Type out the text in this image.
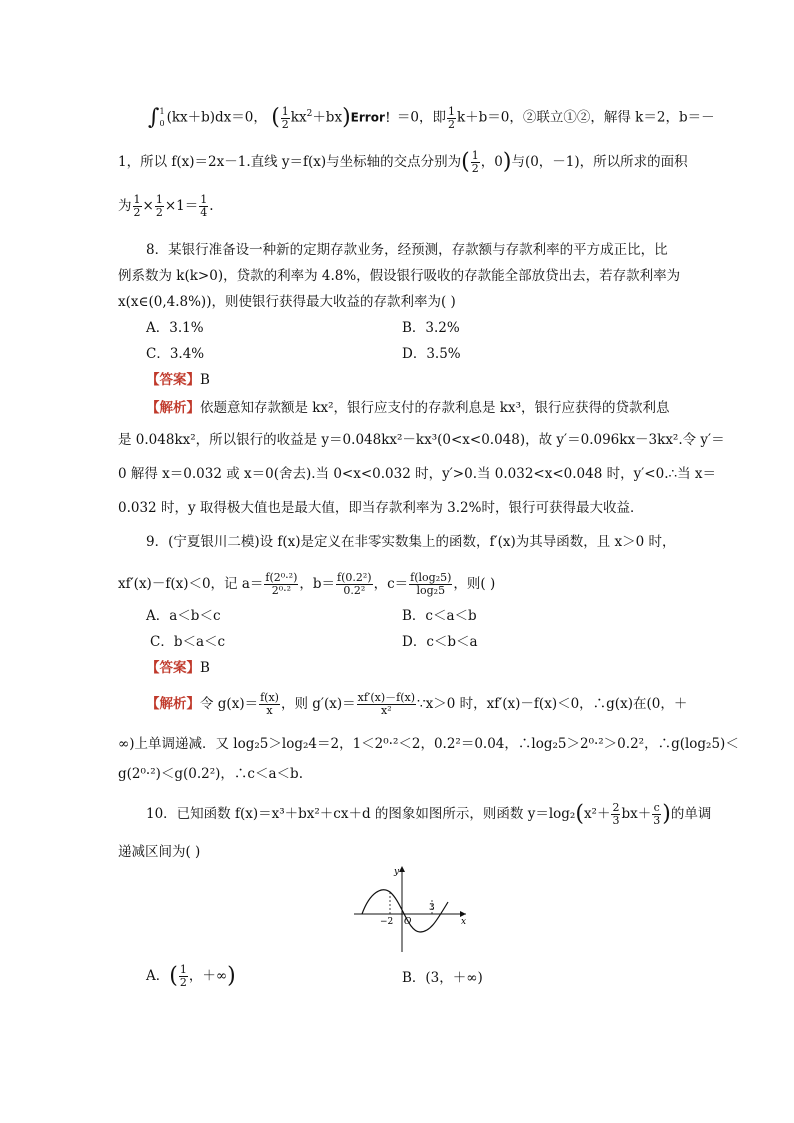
∫ 1
0 (kx＋b)dx＝0， ( $\frac{1}{2}$ $kx^2+bx)Error$！＝0，即 $\frac{1}{2} k+b=0$，②联立①②，解得 k＝2，b＝－
1，所以 f(x)＝2x－1.直线 y＝f(x)与坐标轴的交点分别为( $\frac{1}{2}$ ，0)与(0，－1)，所以所求的面积
为 $\frac{1}{2} \times \frac{1}{2} \times 1= \frac{1}{4}$ .
8．某银行准备设一种新的定期存款业务，经预测，存款额与存款利率的平方成正比，比
例系数为 k(k>0)，贷款的利率为 4.8%，假设银行吸收的存款能全部放贷出去，若存款利率为
x(x∈(0,4.8%))，则使银行获得最大收益的存款利率为( )
A．3.1%	B．3.2%
C．3.4%	D．3.5%
【答案】B
【解析】依题意知存款额是 kx²，银行应支付的存款利息是 kx³，银行应获得的贷款利息
是 0.048kx²，所以银行的收益是 y＝0.048kx²－kx³(0<x<0.048)，故 y′＝0.096kx－3kx².令 y′＝
0 解得 x＝0.032 或 x＝0(舍去).当 0<x<0.032 时，y′>0.当 0.032<x<0.048 时，y′<0.∴当 x＝
0.032 时，y 取得极大值也是最大值，即当存款利率为 3.2%时，银行可获得最大收益．
9．(宁夏银川二模)设 f(x)是定义在非零实数集上的函数，f′(x)为其导函数，且 x＞0 时，
xf′(x)－f(x)＜0，记 $a= \frac{\text{f(2⁰·²)}}{\text{2⁰·²}}$ ，$b= \frac{\text{f(0.2²)}}{\text{0.2²}}$ ，$c= \frac{\text{f(log₂5)}}{\text{log₂5}}$ ，则( )
A．a＜b＜c	B．c＜a＜b
C．b＜a＜c	D．c＜b＜a
【答案】B
【解析】令 $g(x)= \frac{f(x)}{x}$ ，则 $g'(x)= \frac{xf'(x)-f(x)}{\text{x²}}$ ∵x＞0 时，xf′(x)－f(x)＜0，∴g(x)在(0，＋
∞)上单调递减．又 log₂5＞log₂4＝2，1＜2⁰·²＜2，0.2²＝0.04，∴log₂5＞2⁰·²＞0.2²，∴g(log₂5)＜
g(2⁰·²)＜g(0.2²)，∴c＜a＜b.
10．已知函数 f(x)＝x³＋bx²＋cx＋d 的图象如图所示，则函数 $y=\log_2(x^2+ \frac{2}{3} bx+ \frac{c}{3}$ )的单调
递减区间为( )
y
x
O
−2
3
A．( $\frac{1}{2}$ ，＋∞)	B．(3，＋∞)
